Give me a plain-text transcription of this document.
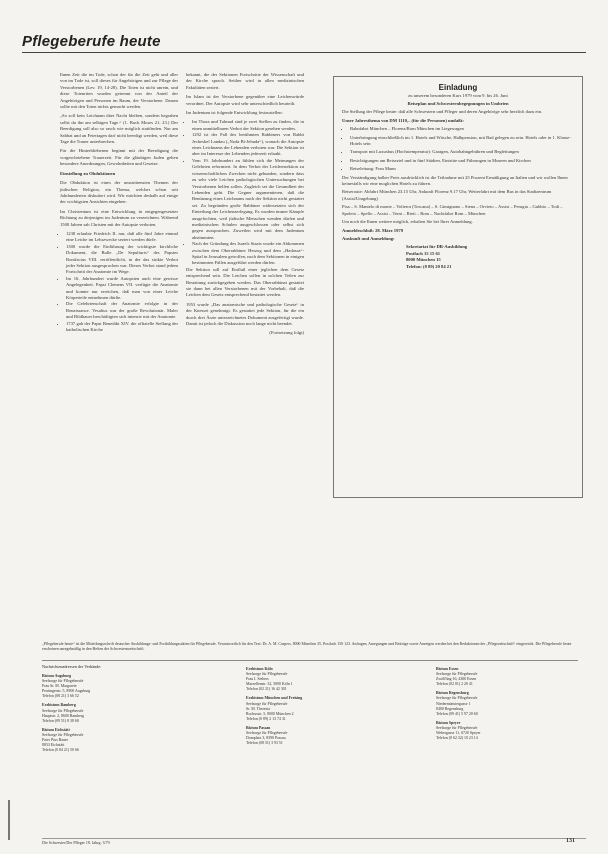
Pflegeberufe heute

Ihnen Zeit die im Tode, schon der für die Zeit geht und aller von im Tode ist, soll dieses für Angehörigen und zur Pflege der Verstorbenen (Lev. 19, 14-28). Die Toten ist nicht unrein, und diese Totenriten wurden getrennt von der Anteil der Angehörigen und Personen im Raum, der Verstorbene. Darum sollte mit den Toten nichts gemacht werden.

„So soll kein Leichnam über Nacht bleiben, sondern begraben sollst du ihn am selbigen Tage.“ (1. Buch Moses 21, 23.) Der Beerdigung soll also so rasch wie möglich stattfinden. Nur am Sabbat und an Feiertagen darf nicht beerdigt werden, weil diese Tage die Trauer unterbrechen.

Für die Hinterbliebenen beginnt mit der Beerdigung die vorgeschriebene Trauerzeit. Für die gläubigen Juden gelten besondere Anordnungen, Gewohnheiten und Gesetze.

Einstellung zu Obduktionen

Die Obduktion ist eines der umstrittensten Themen der jüdischen Religion, ein Thema, welcher schon seit Jahrhunderten diskutiert wird. Wir möchten deshalb auf einige der wichtigsten Ansichten eingehen:

Im Christentum ist eine Entwicklung in entgegengesetzter Richtung zu derjenigen im Judentum zu verzeichnen. Während 1500 Jahren sah Christen mit der Autopsie verboten.

• 1238 erlaubte Friedrich II. nur, daß alle fünf Jahre einmal eine Leiche im Lehrzwecke seziert werden dürfe.
• 1300 wurde die Einführung der wichtigste kirchliche Dokument, die Bulle „De Sepulturis“ des Papstes Bonifacius VIII. veröffentlicht, in der das strikte Verbot jeder Sektion ausgesprochen war. Dieses Verbot stand jedem Fortschritt der Anatomie im Wege.
• Im 16. Jahrhundert wurde Autopsien auch eine gewisse Angelegenheit. Papst Clemens VII. verfügte die Anatomie und konnte nur erreichen, daß man von einer Leiche Körperteile entnehmen dürfte.
• Die Gelehrtenschaft der Anatomie erfolgte in der Renaissance. Vesalius war der große Revolutionär. Maler und Bildhauer beschäftigten sich intensiv mit der Anatomie.
• 1737 gab der Papst Benedikt XIV. die offizielle Stellung der katholischen Kirche

bekannt, die der Sektionen Fortschritte der Wissenschaft und der Kirche sprach. Seither wird in allen medizinischen Fakultäten seziert.

Im Islam ist der Verstorbene gegenüber eine Leichenwürde verordnet. Der Autopsie wird sehr unterschiedlich beurteilt.

Im Judentum ist folgende Entwicklung festzustellen:

• Im Thora und Talmud sind je zwei Stellen zu finden, die in einen unmittelbaren Verbot der Sektion gesehen werden.
• 1292 ist der Fall des berühmten Rabbiners von Rabbi Jecheskel Landau („Noda Bi-Jehuda“), wonach die Autopsie eines Leichnams der Lebenden verboten war. Die Sektion ist aber im Interesse der Lebenden jederzeit erlaubt.
• Vom 19. Jahrhundert an fühlen sich die Meinungen der Gelehrten reformiert. In dem Verbot der Leichensektion zu wissenschaftlichen Zwecken nicht gebunden, sondern dass zu sehr viele Leichen pathologischen Untersuchungen bei Verstorbenen helfen sollen. Zugleich sei die Gesundheit der Lebenden geht. Die Gegner argumentieren, daß die Benützung eines Leichnams nach der Sektion nicht gestattet sei. Zu begründen große Rabbiner widersetzten sich der Einteilung der Leichenzerlegung. Es wurden immer Kämpfe ausgefochten, weil jüdische Menschen wenden dürfen und medizinischen Schulen ausgeschlossen oder selbst sich gegen aussprachen. Zuweilen wird mit dem Judentum abstimmten.
• Nach der Gründung des Israels Staats wurde ein Abkommen zwischen dem Oberrabbiner Herzog und dem „Hadassa“-Spital in Jerusalem getroffen, nach dem Sektionen in einigen bestimmten Fällen ausgeführt werden dürfen.

Die Sektion soll auf Einfluß einer jeglichen dem Gesetz entsprechend sein. Die Leichen sollen in solchen Teilen zur Bestattung zurückgegeben werden. Das Oberrabbinat gestattet sie dann bei allen Verstorbenen mit der Vorbehalt, daß die Leichen dem Gesetz entsprechend bestattet werden.

1953 wurde „Das anatomische und pathologische Gesetz“ in der Knesset genehmigt. Es gestattet jede Sektion, für die ein durch drei Ärzte unterzeichnetes Dokument ausgefertigt wurde. Damit ist jedoch die Diskussion noch lange nicht beendet.

(Fortsetzung folgt)

Einladung
zu unserem besonderen Kurs 1979 vom 9. bis 26. Juni

Reiseplan und Schwesternbegegnungen in Umbrien

Die Stellung der Pflege heute: daß alle Schwestern und Pfleger und deren Angehörige sehr herzlich dazu ein.

Unser Jahresthema von DM 1110,– (für die Personen) umfaßt:

• Bahnfahrt München – Florenz/Rom München im Liegewagen
• Unterbringung einschließlich im 1. Hotels und Wäsche, Halbpension, mit Bad gelegen zu sein. Hotels oder in 1. Klasse-Hotels sein
• Transport mit Luxusbus (Hochstemperatur): Garagen, Autobahngebühren und Begleitungen
• Besichtigungen am Reiseziel und in fünf Städten, Eintritte und Führungen in Museen und Kirchen
• Reiseleitung: Frau Mann

Der Verständigung halber Preis ausdrücklich ist die Teilnahme mit 25 Prozent Ermäßigung an Italien und wir wollen Ihnen keinesfalls wir eine moglichen Hotels zu führen.

Reiseroute: Abfahrt München 23.15 Uhr, Ankunft Florenz 9.17 Uhr, Weiterfahrt mit dem Bus in das Stadtzentrum (Assisi/Umgebung)

Pisa – S. Mantelo di monte – Volterra (Toscana) – S. Gimignano – Siena – Orvieto – Assisi – Perugia – Gubbio – Todi – Spoleto – Spello – Assisi – Terni – Rieti – Rom – Nachtfahrt Rom – München

Um noch die Ihnen weitere möglich, erhalten Sie bei Ihrer Anmeldung.

Anmeldeschluß: 28. März 1979

Auskunft und Anmeldung:

Sekretariat für DB-Ausbildung
Postfach 15 15 61
8000 München 15
Telefon: (0 89) 20 84 21
„Pflegeberufe heute“ ist die Mitteilungsschrift deutscher Ausbildungs- und Fortbildungsstätten für Pflegeberufe. Verantwortlich für den Text: Dr. A. M. Caspers, 8000 München 35, Postfach 150 123. Anfragen, Anregungen und Beiträge sowie Anzeigen werden bei den Redaktionen der „Pflegezeitschrift“ eingereicht. Die Pflegeberufe heute erscheinen unregelmäßig in den Heften der Schwesternzeitschrift.
Nachrichtenadressen der Verbände:
Bistum Augsburg
Seelsorge für Pflegeberufe
Frau Sr. M. Margarete
Peutingerstr. 5, 8900 Augsburg
Telefon (08 21) 3 66 52
Erzbistum Bamberg
Seelsorge für Pflegeberufe
Hauptstr. 2, 8600 Bamberg
Telefon (09 51) 8 38 60
Bistum Eichstätt
Seelsorge für Pflegeberufe
Pater Pius Bauer
8833 Eichstätt
Telefon (0 84 21) 50 66
Erzbistum Köln
Seelsorge für Pflegeberufe
Frau I. Siebers
Marzellenstr. 32, 5000 Köln 1
Telefon (02 21) 16 42 301
Erzbistum München und Freising
Seelsorge für Pflegeberufe
Sr. M. Theresia
Rochusstr. 5, 8000 München 2
Telefon (0 89) 2 13 74 31
Bistum Passau
Seelsorge für Pflegeberufe
Domplatz 3, 8390 Passau
Telefon (08 51) 3 93 51
Bistum Essen
Seelsorge für Pflegeberufe
Zwölfling 16, 4300 Essen
Telefon (02 01) 2 20 41
Bistum Regensburg
Seelsorge für Pflegeberufe
Niedermünstergasse 1
8400 Regensburg
Telefon (09 41) 5 97 20 60
Bistum Speyer
Seelsorge für Pflegeberufe
Webergasse 11, 6720 Speyer
Telefon (0 62 32) 10 23 14
Die Schwester/Der Pfleger 18. Jahrg. 3/79	131
